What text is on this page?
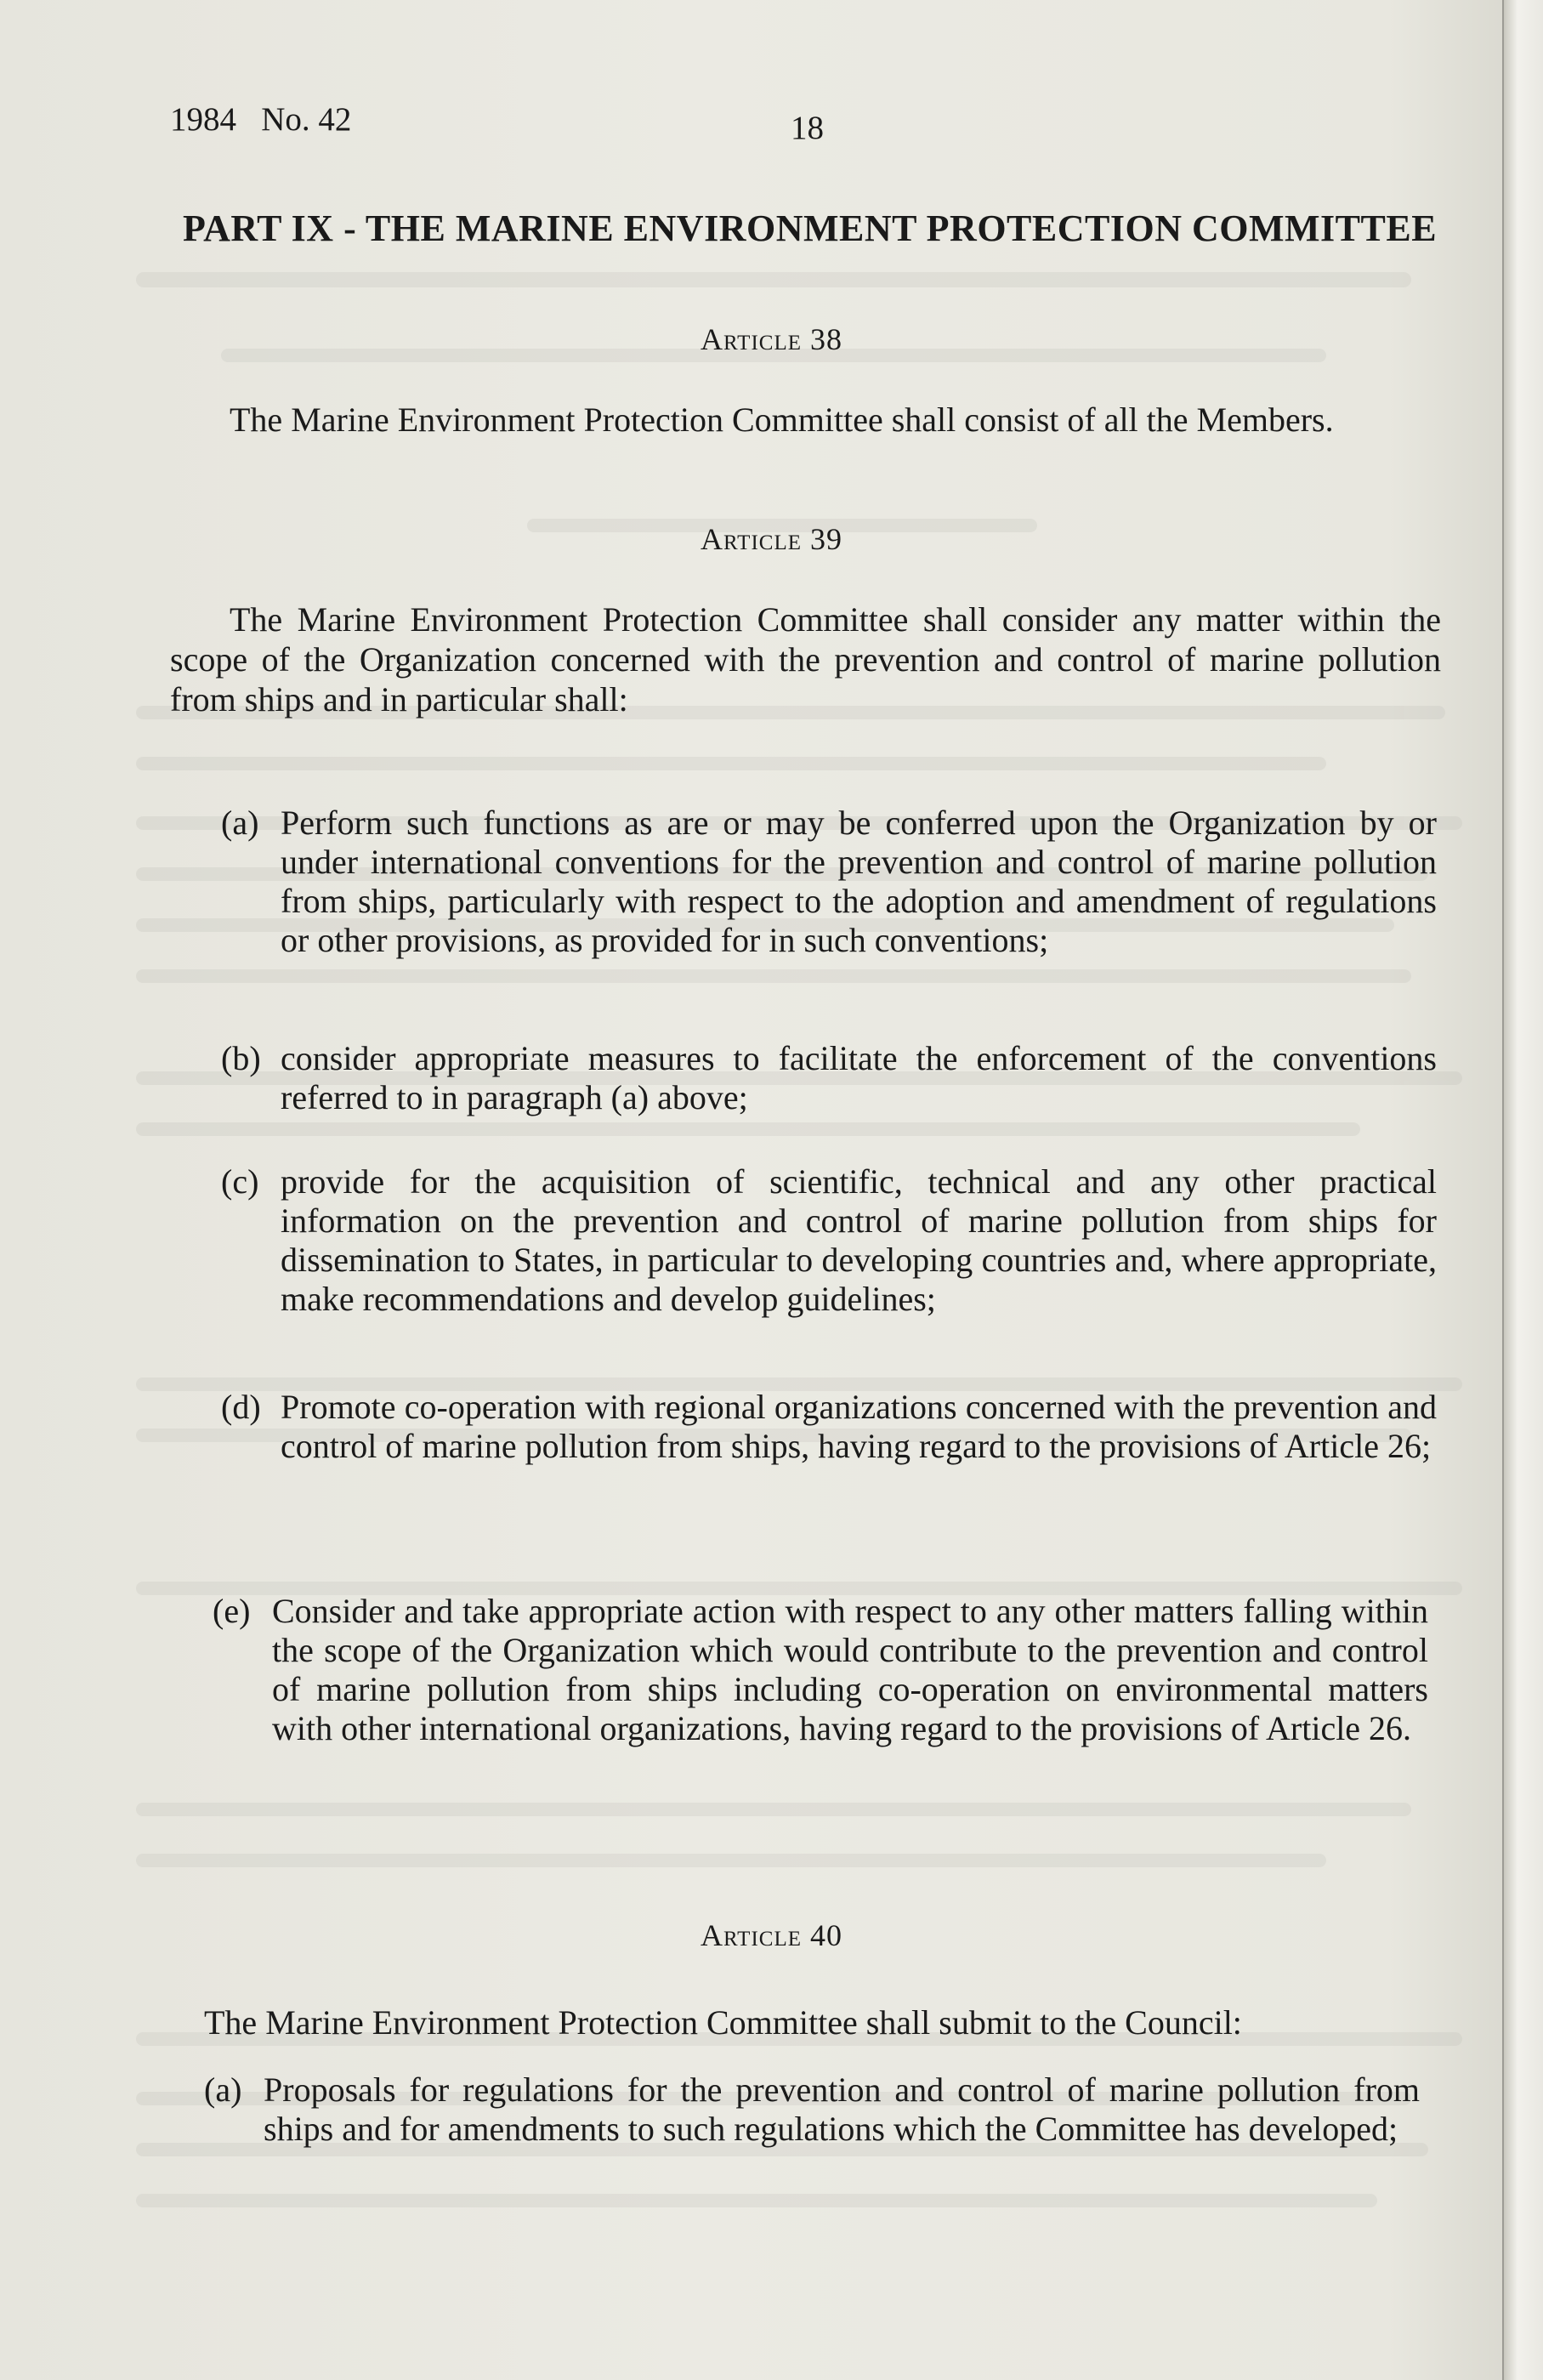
1984 No. 42	18
PART IX - THE MARINE ENVIRONMENT PROTECTION COMMITTEE
Article 38

The Marine Environment Protection Committee shall consist of all the Members.

Article 39

The Marine Environment Protection Committee shall consider any matter within the scope of the Organization concerned with the prevention and control of marine pollution from ships and in particular shall:

(a) Perform such functions as are or may be conferred upon the Organization by or under international conventions for the prevention and control of marine pollution from ships, particularly with respect to the adoption and amendment of regulations or other provisions, as provided for in such conventions;
(b) consider appropriate measures to facilitate the enforcement of the conventions referred to in paragraph (a) above;
(c) provide for the acquisition of scientific, technical and any other practical information on the prevention and control of marine pollution from ships for dissemination to States, in particular to developing countries and, where appropriate, make recommendations and develop guidelines;
(d) Promote co-operation with regional organizations concerned with the prevention and control of marine pollution from ships, having regard to the provisions of Article 26;
(e) Consider and take appropriate action with respect to any other matters falling within the scope of the Organization which would contribute to the prevention and control of marine pollution from ships including co-operation on environmental matters with other international organizations, having regard to the provisions of Article 26.
Article 40

The Marine Environment Protection Committee shall submit to the Council:

(a) Proposals for regulations for the prevention and control of marine pollution from ships and for amendments to such regulations which the Committee has developed;
